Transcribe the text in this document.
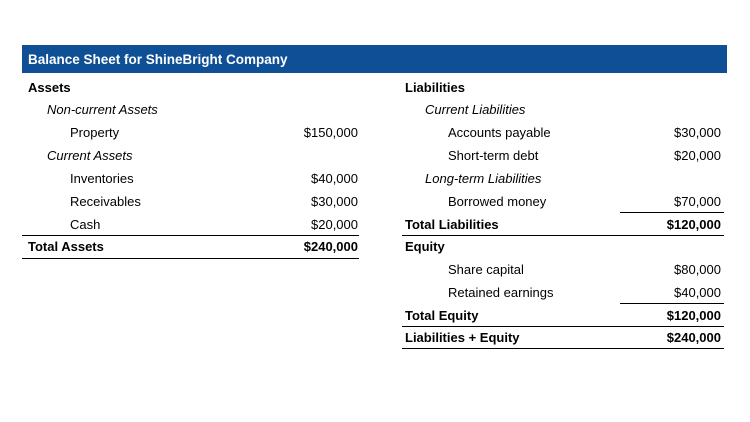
Balance Sheet for ShineBright Company
Assets
Non-current Assets
Property	$150,000
Current Assets
Inventories	$40,000
Receivables	$30,000
Cash	$20,000
Total Assets	$240,000
Liabilities
Current Liabilities
Accounts payable	$30,000
Short-term debt	$20,000
Long-term Liabilities
Borrowed money	$70,000
Total Liabilities	$120,000
Equity
Share capital	$80,000
Retained earnings	$40,000
Total Equity	$120,000
Liabilities + Equity	$240,000
